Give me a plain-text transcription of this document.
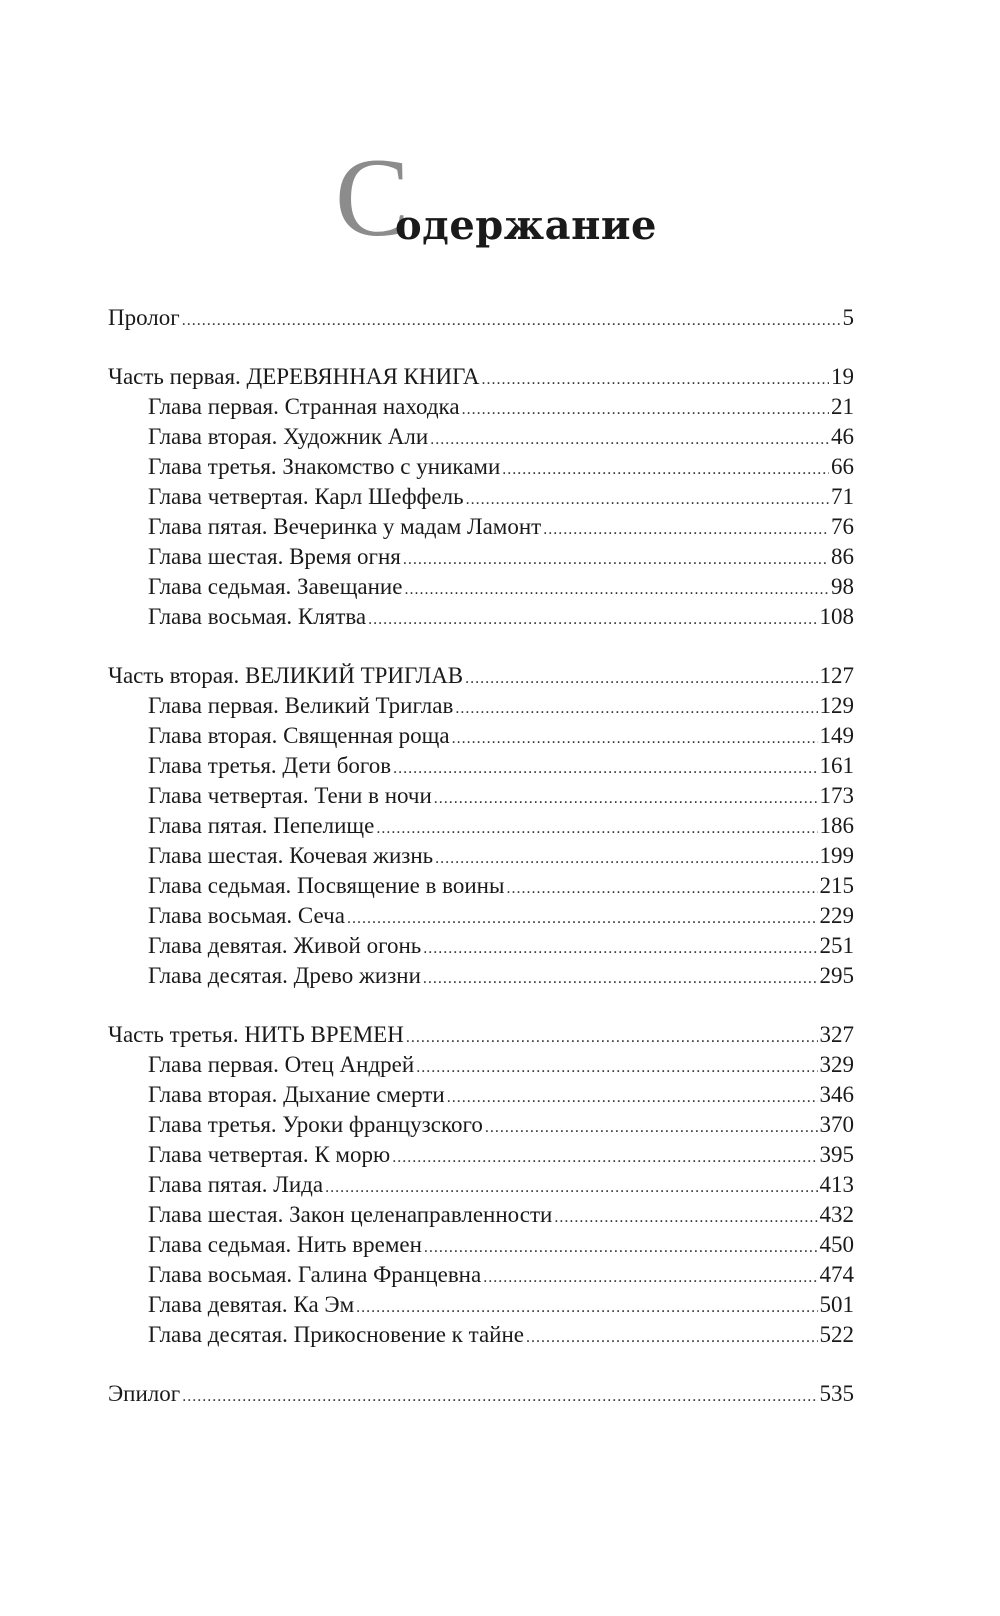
С
одержание
Пролог .....	5
Часть первая. ДЕРЕВЯННАЯ КНИГА .....	19
Глава первая. Странная находка .....	21
Глава вторая. Художник Али .....	46
Глава третья. Знакомство с униками .....	66
Глава четвертая. Карл Шеффель .....	71
Глава пятая. Вечеринка у мадам Ламонт .....	76
Глава шестая. Время огня .....	86
Глава седьмая. Завещание .....	98
Глава восьмая. Клятва .....	108
Часть вторая. ВЕЛИКИЙ ТРИГЛАВ .....	127
Глава первая. Великий Триглав .....	129
Глава вторая. Священная роща .....	149
Глава третья. Дети богов .....	161
Глава четвертая. Тени в ночи .....	173
Глава пятая. Пепелище .....	186
Глава шестая. Кочевая жизнь .....	199
Глава седьмая. Посвящение в воины .....	215
Глава восьмая. Сеча .....	229
Глава девятая. Живой огонь .....	251
Глава десятая. Древо жизни .....	295
Часть третья. НИТЬ ВРЕМЕН .....	327
Глава первая. Отец Андрей .....	329
Глава вторая. Дыхание смерти .....	346
Глава третья. Уроки французского .....	370
Глава четвертая. К морю .....	395
Глава пятая. Лида .....	413
Глава шестая. Закон целенаправленности .....	432
Глава седьмая. Нить времен .....	450
Глава восьмая. Галина Францевна .....	474
Глава девятая. Ка Эм .....	501
Глава десятая. Прикосновение к тайне .....	522
Эпилог .....	535
